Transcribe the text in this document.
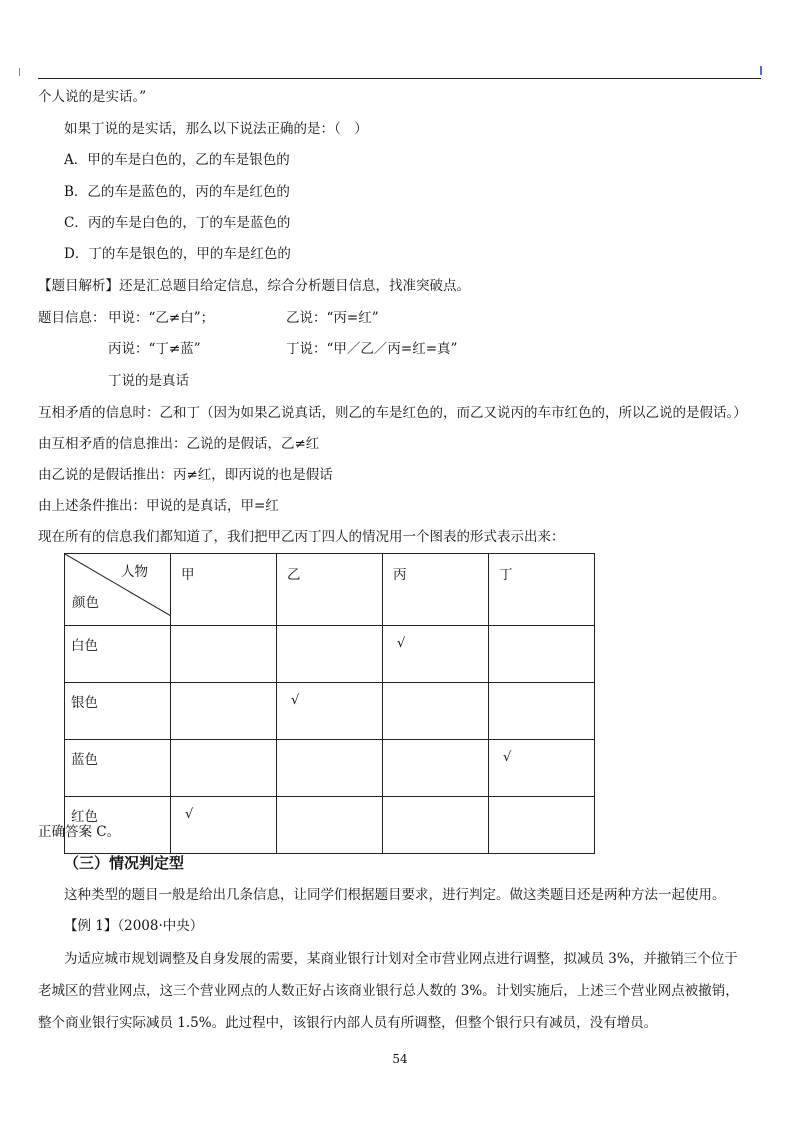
个人说的是实话。”
如果丁说的是实话，那么以下说法正确的是：（　）
A．甲的车是白色的，乙的车是银色的
B．乙的车是蓝色的，丙的车是红色的
C．丙的车是白色的，丁的车是蓝色的
D．丁的车是银色的，甲的车是红色的
【题目解析】还是汇总题目给定信息，综合分析题目信息，找准突破点。
题目信息： 甲说：“乙≠白”；	乙说：“丙=红”
丙说：“丁≠蓝”	丁说：“甲／乙／丙=红=真”
丁说的是真话
互相矛盾的信息时：乙和丁（因为如果乙说真话，则乙的车是红色的，而乙又说丙的车市红色的，所以乙说的是假话。）
由互相矛盾的信息推出：乙说的是假话，乙≠红
由乙说的是假话推出：丙≠红，即丙说的也是假话
由上述条件推出：甲说的是真话，甲=红
现在所有的信息我们都知道了，我们把甲乙丙丁四人的情况用一个图表的形式表示出来：
人物
颜色	甲	乙	丙	丁
白色			√	
银色		√		
蓝色				√
红色	√			
正确答案 C。
（三）情况判定型
这种类型的题目一般是给出几条信息，让同学们根据题目要求，进行判定。做这类题目还是两种方法一起使用。
【例 1】（2008·中央）
为适应城市规划调整及自身发展的需要，某商业银行计划对全市营业网点进行调整，拟减员 3%，并撤销三个位于
老城区的营业网点，这三个营业网点的人数正好占该商业银行总人数的 3%。计划实施后，上述三个营业网点被撤销，
整个商业银行实际减员 1.5%。此过程中，该银行内部人员有所调整，但整个银行只有减员，没有增员。
54
